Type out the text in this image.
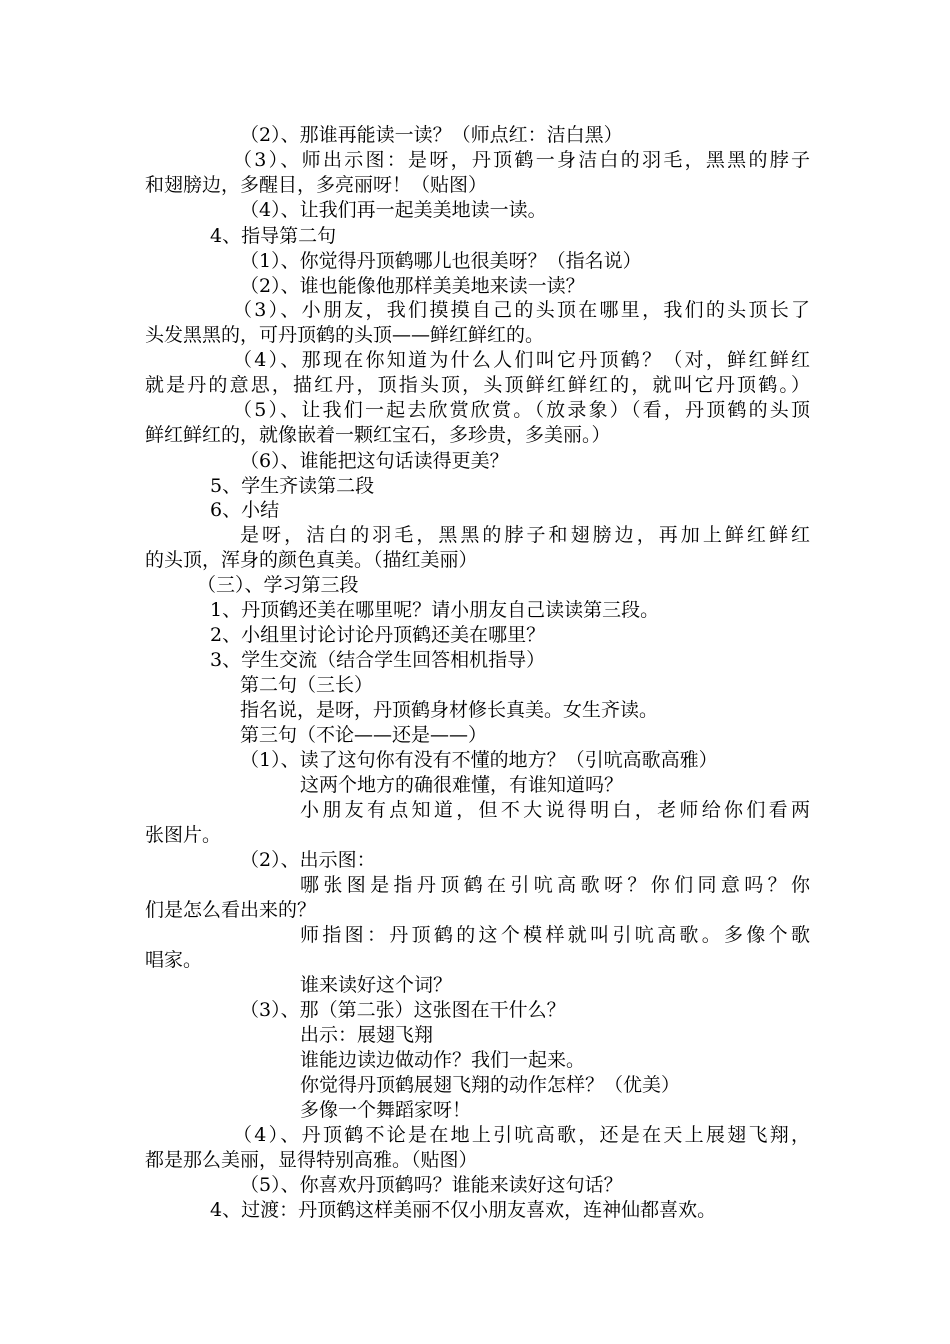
（2）、那谁再能读一读？（师点红：洁白黑）
（3）、师出示图：是呀，丹顶鹤一身洁白的羽毛，黑黑的脖子
和翅膀边，多醒目，多亮丽呀！（贴图）
（4）、让我们再一起美美地读一读。
4、指导第二句
（1）、你觉得丹顶鹤哪儿也很美呀？（指名说）
（2）、谁也能像他那样美美地来读一读？
（3）、小朋友，我们摸摸自己的头顶在哪里，我们的头顶长了
头发黑黑的，可丹顶鹤的头顶——鲜红鲜红的。
（4）、那现在你知道为什么人们叫它丹顶鹤？（对，鲜红鲜红
就是丹的意思，描红丹，顶指头顶，头顶鲜红鲜红的，就叫它丹顶鹤。）
（5）、让我们一起去欣赏欣赏。（放录象）（看，丹顶鹤的头顶
鲜红鲜红的，就像嵌着一颗红宝石，多珍贵，多美丽。）
（6）、谁能把这句话读得更美？
5、学生齐读第二段
6、小结
是呀，洁白的羽毛，黑黑的脖子和翅膀边，再加上鲜红鲜红
的头顶，浑身的颜色真美。（描红美丽）
（三）、学习第三段
1、丹顶鹤还美在哪里呢？请小朋友自己读读第三段。
2、小组里讨论讨论丹顶鹤还美在哪里？
3、学生交流（结合学生回答相机指导）
第二句（三长）
指名说，是呀，丹顶鹤身材修长真美。女生齐读。
第三句（不论——还是——）
（1）、读了这句你有没有不懂的地方？（引吭高歌高雅）
这两个地方的确很难懂，有谁知道吗？
小朋友有点知道，但不大说得明白，老师给你们看两
张图片。
（2）、出示图：
哪张图是指丹顶鹤在引吭高歌呀？你们同意吗？你
们是怎么看出来的？
师指图：丹顶鹤的这个模样就叫引吭高歌。多像个歌
唱家。
谁来读好这个词？
（3）、那（第二张）这张图在干什么？
出示：展翅飞翔
谁能边读边做动作？我们一起来。
你觉得丹顶鹤展翅飞翔的动作怎样？（优美）
多像一个舞蹈家呀！
（4）、丹顶鹤不论是在地上引吭高歌，还是在天上展翅飞翔，
都是那么美丽，显得特别高雅。（贴图）
（5）、你喜欢丹顶鹤吗？谁能来读好这句话？
4、过渡：丹顶鹤这样美丽不仅小朋友喜欢，连神仙都喜欢。
